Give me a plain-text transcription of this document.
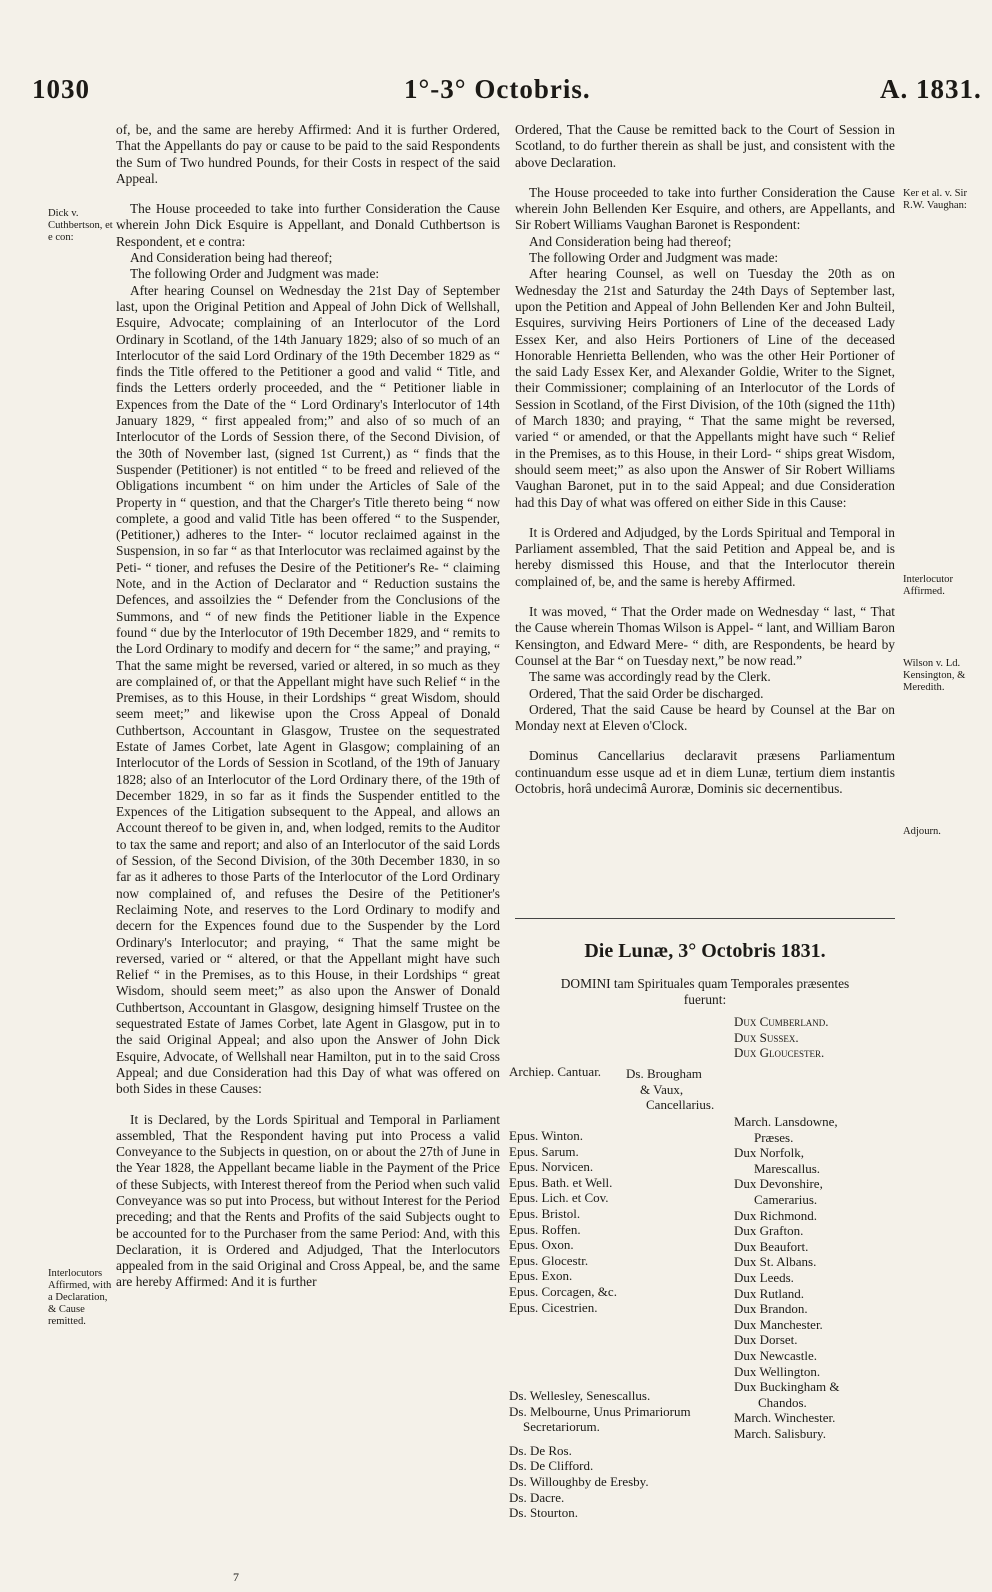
1030	1°-3° Octobris.	A. 1831.
Dick v. Cuthbertson, et e con:
Interlocutors Affirmed, with a Declaration, & Cause remitted.
Ker et al. v. Sir R.W. Vaughan:
Interlocutor Affirmed.
Wilson v. Ld. Kensington, & Meredith.
Adjourn.

of, be, and the same are hereby Affirmed: And it is further Ordered, That the Appellants do pay or cause to be paid to the said Respondents the Sum of Two hundred Pounds, for their Costs in respect of the said Appeal.

The House proceeded to take into further Consideration the Cause wherein John Dick Esquire is Appellant, and Donald Cuthbertson is Respondent, et e contra:

And Consideration being had thereof;

The following Order and Judgment was made:

After hearing Counsel on Wednesday the 21st Day of September last, upon the Original Petition and Appeal of John Dick of Wellshall, Esquire, Advocate; complaining of an Interlocutor of the Lord Ordinary in Scotland, of the 14th January 1829; also of so much of an Interlocutor of the said Lord Ordinary of the 19th December 1829 as “ finds the Title offered to the Petitioner a good and valid “ Title, and finds the Letters orderly proceeded, and the “ Petitioner liable in Expences from the Date of the “ Lord Ordinary's Interlocutor of 14th January 1829, “ first appealed from;” and also of so much of an Interlocutor of the Lords of Session there, of the Second Division, of the 30th of November last, (signed 1st Current,) as “ finds that the Suspender (Petitioner) is not entitled “ to be freed and relieved of the Obligations incumbent “ on him under the Articles of Sale of the Property in “ question, and that the Charger's Title thereto being “ now complete, a good and valid Title has been offered “ to the Suspender, (Petitioner,) adheres to the Inter- “ locutor reclaimed against in the Suspension, in so far “ as that Interlocutor was reclaimed against by the Peti- “ tioner, and refuses the Desire of the Petitioner's Re- “ claiming Note, and in the Action of Declarator and “ Reduction sustains the Defences, and assoilzies the “ Defender from the Conclusions of the Summons, and “ of new finds the Petitioner liable in the Expence found “ due by the Interlocutor of 19th December 1829, and “ remits to the Lord Ordinary to modify and decern for “ the same;” and praying, “ That the same might be reversed, varied or altered, in so much as they are complained of, or that the Appellant might have such Relief “ in the Premises, as to this House, in their Lordships “ great Wisdom, should seem meet;” and likewise upon the Cross Appeal of Donald Cuthbertson, Accountant in Glasgow, Trustee on the sequestrated Estate of James Corbet, late Agent in Glasgow; complaining of an Interlocutor of the Lords of Session in Scotland, of the 19th of January 1828; also of an Interlocutor of the Lord Ordinary there, of the 19th of December 1829, in so far as it finds the Suspender entitled to the Expences of the Litigation subsequent to the Appeal, and allows an Account thereof to be given in, and, when lodged, remits to the Auditor to tax the same and report; and also of an Interlocutor of the said Lords of Session, of the Second Division, of the 30th December 1830, in so far as it adheres to those Parts of the Interlocutor of the Lord Ordinary now complained of, and refuses the Desire of the Petitioner's Reclaiming Note, and reserves to the Lord Ordinary to modify and decern for the Expences found due to the Suspender by the Lord Ordinary's Interlocutor; and praying, “ That the same might be reversed, varied or “ altered, or that the Appellant might have such Relief “ in the Premises, as to this House, in their Lordships “ great Wisdom, should seem meet;” as also upon the Answer of Donald Cuthbertson, Accountant in Glasgow, designing himself Trustee on the sequestrated Estate of James Corbet, late Agent in Glasgow, put in to the said Original Appeal; and also upon the Answer of John Dick Esquire, Advocate, of Wellshall near Hamilton, put in to the said Cross Appeal; and due Consideration had this Day of what was offered on both Sides in these Causes:

It is Declared, by the Lords Spiritual and Temporal in Parliament assembled, That the Respondent having put into Process a valid Conveyance to the Subjects in question, on or about the 27th of June in the Year 1828, the Appellant became liable in the Payment of the Price of these Subjects, with Interest thereof from the Period when such valid Conveyance was so put into Process, but without Interest for the Period preceding; and that the Rents and Profits of the said Subjects ought to be accounted for to the Purchaser from the same Period: And, with this Declaration, it is Ordered and Adjudged, That the Interlocutors appealed from in the said Original and Cross Appeal, be, and the same are hereby Affirmed: And it is further

7

Ordered, That the Cause be remitted back to the Court of Session in Scotland, to do further therein as shall be just, and consistent with the above Declaration.

The House proceeded to take into further Consideration the Cause wherein John Bellenden Ker Esquire, and others, are Appellants, and Sir Robert Williams Vaughan Baronet is Respondent:

And Consideration being had thereof;

The following Order and Judgment was made:

After hearing Counsel, as well on Tuesday the 20th as on Wednesday the 21st and Saturday the 24th Days of September last, upon the Petition and Appeal of John Bellenden Ker and John Bulteil, Esquires, surviving Heirs Portioners of Line of the deceased Lady Essex Ker, and also Heirs Portioners of Line of the deceased Honorable Henrietta Bellenden, who was the other Heir Portioner of the said Lady Essex Ker, and Alexander Goldie, Writer to the Signet, their Commissioner; complaining of an Interlocutor of the Lords of Session in Scotland, of the First Division, of the 10th (signed the 11th) of March 1830; and praying, “ That the same might be reversed, varied “ or amended, or that the Appellants might have such “ Relief in the Premises, as to this House, in their Lord- “ ships great Wisdom, should seem meet;” as also upon the Answer of Sir Robert Williams Vaughan Baronet, put in to the said Appeal; and due Consideration had this Day of what was offered on either Side in this Cause:

It is Ordered and Adjudged, by the Lords Spiritual and Temporal in Parliament assembled, That the said Petition and Appeal be, and is hereby dismissed this House, and that the Interlocutor therein complained of, be, and the same is hereby Affirmed.

It was moved, “ That the Order made on Wednesday “ last, “ That the Cause wherein Thomas Wilson is Appel- “ lant, and William Baron Kensington, and Edward Mere- “ dith, are Respondents, be heard by Counsel at the Bar “ on Tuesday next,” be now read.”

The same was accordingly read by the Clerk.

Ordered, That the said Order be discharged.

Ordered, That the said Cause be heard by Counsel at the Bar on Monday next at Eleven o'Clock.

Dominus Cancellarius declaravit præsens Parliamentum continuandum esse usque ad et in diem Lunæ, tertium diem instantis Octobris, horâ undecimâ Auroræ, Dominis sic decernentibus.

Die Lunæ, 3° Octobris 1831.
DOMINI tam Spirituales quam Temporales præsentes
fuerunt:
Dux Cumberland.
Dux Sussex.
Dux Gloucester.
Archiep. Cantuar. Ds. Brougham
& Vaux,
Cancellarius.
Epus. Winton.
Epus. Sarum.
Epus. Norvicen.
Epus. Bath. et Well.
Epus. Lich. et Cov.
Epus. Bristol.
Epus. Roffen.
Epus. Oxon.
Epus. Glocestr.
Epus. Exon.
Epus. Corcagen, &c.
Epus. Cicestrien.
March. Lansdowne,
Præses.
Dux Norfolk,
Marescallus.
Dux Devonshire,
Camerarius.
Dux Richmond.
Dux Grafton.
Dux Beaufort.
Dux St. Albans.
Dux Leeds.
Dux Rutland.
Dux Brandon.
Dux Manchester.
Dux Dorset.
Dux Newcastle.
Dux Wellington.
Dux Buckingham &
Chandos.
March. Winchester.
March. Salisbury.
Ds. Wellesley, Senescallus.
Ds. Melbourne, Unus Primariorum
Secretariorum.
Ds. De Ros.
Ds. De Clifford.
Ds. Willoughby de Eresby.
Ds. Dacre.
Ds. Stourton.
